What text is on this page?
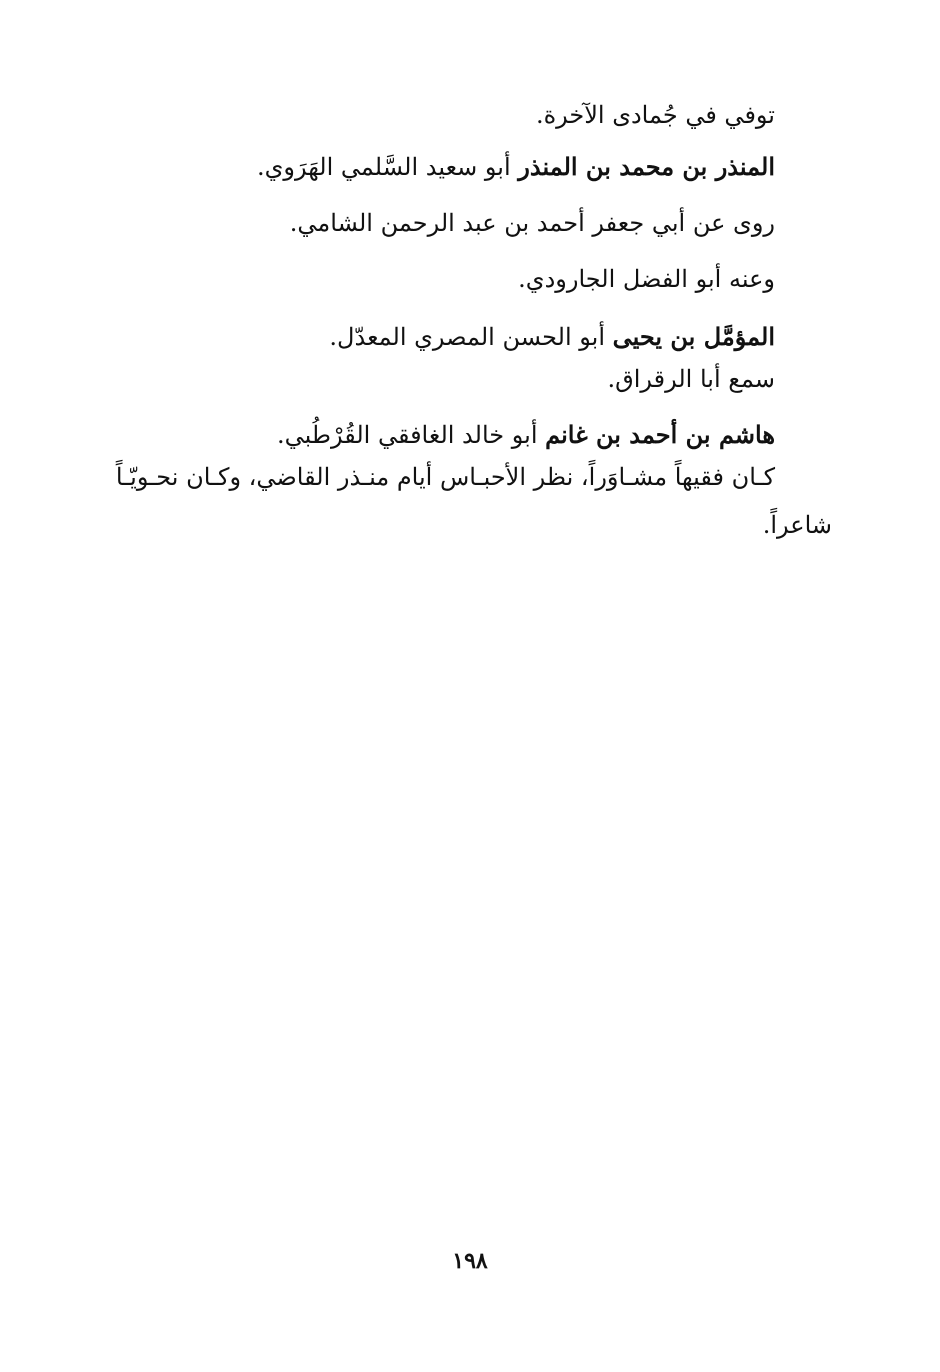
توفي في جُمادى الآخرة.
المنذر بن محمد بن المنذر أبو سعيد السَّلمي الهَرَوي.
روى عن أبي جعفر أحمد بن عبد الرحمن الشامي.
وعنه أبو الفضل الجارودي.
المؤمَّل بن يحيى أبو الحسن المصري المعدّل.
سمع أبا الرقراق.
هاشم بن أحمد بن غانم أبو خالد الغافقي القُرْطُبي.
كـان فقيهاً مشـاوَراً، نظر الأحبـاس أيام منـذر القاضي، وكـان نحـويّـاً
شاعراً.
١٩٨
